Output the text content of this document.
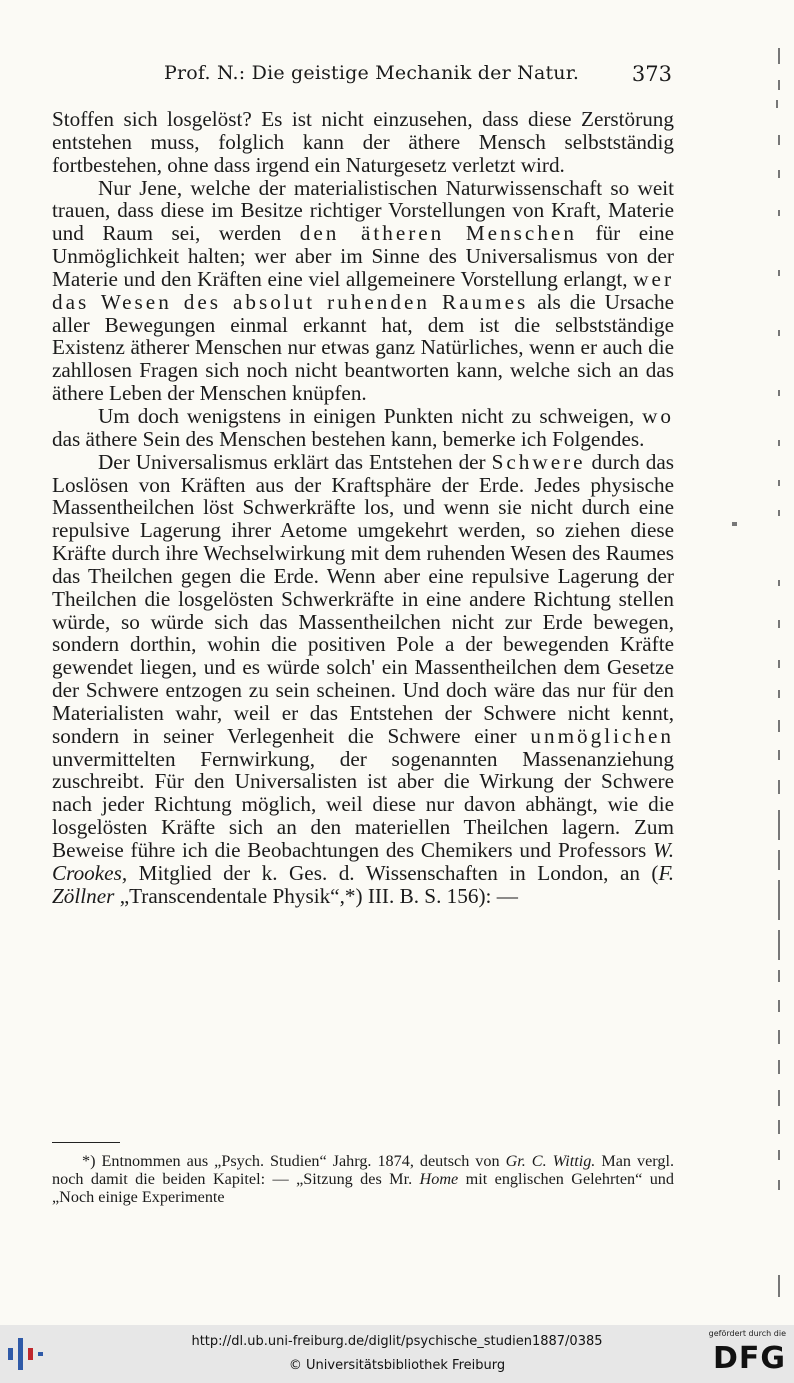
Prof. N.: Die geistige Mechanik der Natur.	373

Stoffen sich losgelöst? Es ist nicht einzusehen, dass diese Zerstörung entstehen muss, folglich kann der äthere Mensch selbstständig fortbestehen, ohne dass irgend ein Naturgesetz verletzt wird.

Nur Jene, welche der materialistischen Naturwissenschaft so weit trauen, dass diese im Besitze richtiger Vorstellungen von Kraft, Materie und Raum sei, werden den ätheren Menschen für eine Unmöglichkeit halten; wer aber im Sinne des Universalismus von der Materie und den Kräften eine viel allgemeinere Vorstellung erlangt, wer das Wesen des absolut ruhenden Raumes als die Ursache aller Bewegungen einmal erkannt hat, dem ist die selbstständige Existenz ätherer Menschen nur etwas ganz Natürliches, wenn er auch die zahllosen Fragen sich noch nicht beantworten kann, welche sich an das äthere Leben der Menschen knüpfen.

Um doch wenigstens in einigen Punkten nicht zu schweigen, wo das äthere Sein des Menschen bestehen kann, bemerke ich Folgendes.

Der Universalismus erklärt das Entstehen der Schwere durch das Loslösen von Kräften aus der Kraftsphäre der Erde. Jedes physische Massentheilchen löst Schwerkräfte los, und wenn sie nicht durch eine repulsive Lagerung ihrer Aetome umgekehrt werden, so ziehen diese Kräfte durch ihre Wechselwirkung mit dem ruhenden Wesen des Raumes das Theilchen gegen die Erde. Wenn aber eine repulsive Lagerung der Theilchen die losgelösten Schwerkräfte in eine andere Richtung stellen würde, so würde sich das Massentheilchen nicht zur Erde bewegen, sondern dorthin, wohin die positiven Pole a der bewegenden Kräfte gewendet liegen, und es würde solch' ein Massentheilchen dem Gesetze der Schwere entzogen zu sein scheinen. Und doch wäre das nur für den Materialisten wahr, weil er das Entstehen der Schwere nicht kennt, sondern in seiner Verlegenheit die Schwere einer unmöglichen unvermittelten Fernwirkung, der sogenannten Massenanziehung zuschreibt. Für den Universalisten ist aber die Wirkung der Schwere nach jeder Richtung möglich, weil diese nur davon abhängt, wie die losgelösten Kräfte sich an den materiellen Theilchen lagern. Zum Beweise führe ich die Beobachtungen des Chemikers und Professors W. Crookes, Mitglied der k. Ges. d. Wissenschaften in London, an (F. Zöllner „Transcendentale Physik“,*) III. B. S. 156): —

*) Entnommen aus „Psych. Studien“ Jahrg. 1874, deutsch von Gr. C. Wittig. Man vergl. noch damit die beiden Kapitel: — „Sitzung des Mr. Home mit englischen Gelehrten“ und „Noch einige Experimente

http://dl.ub.uni-freiburg.de/diglit/psychische_studien1887/0385
© Universitätsbibliothek Freiburg
gefördert durch die
DFG
